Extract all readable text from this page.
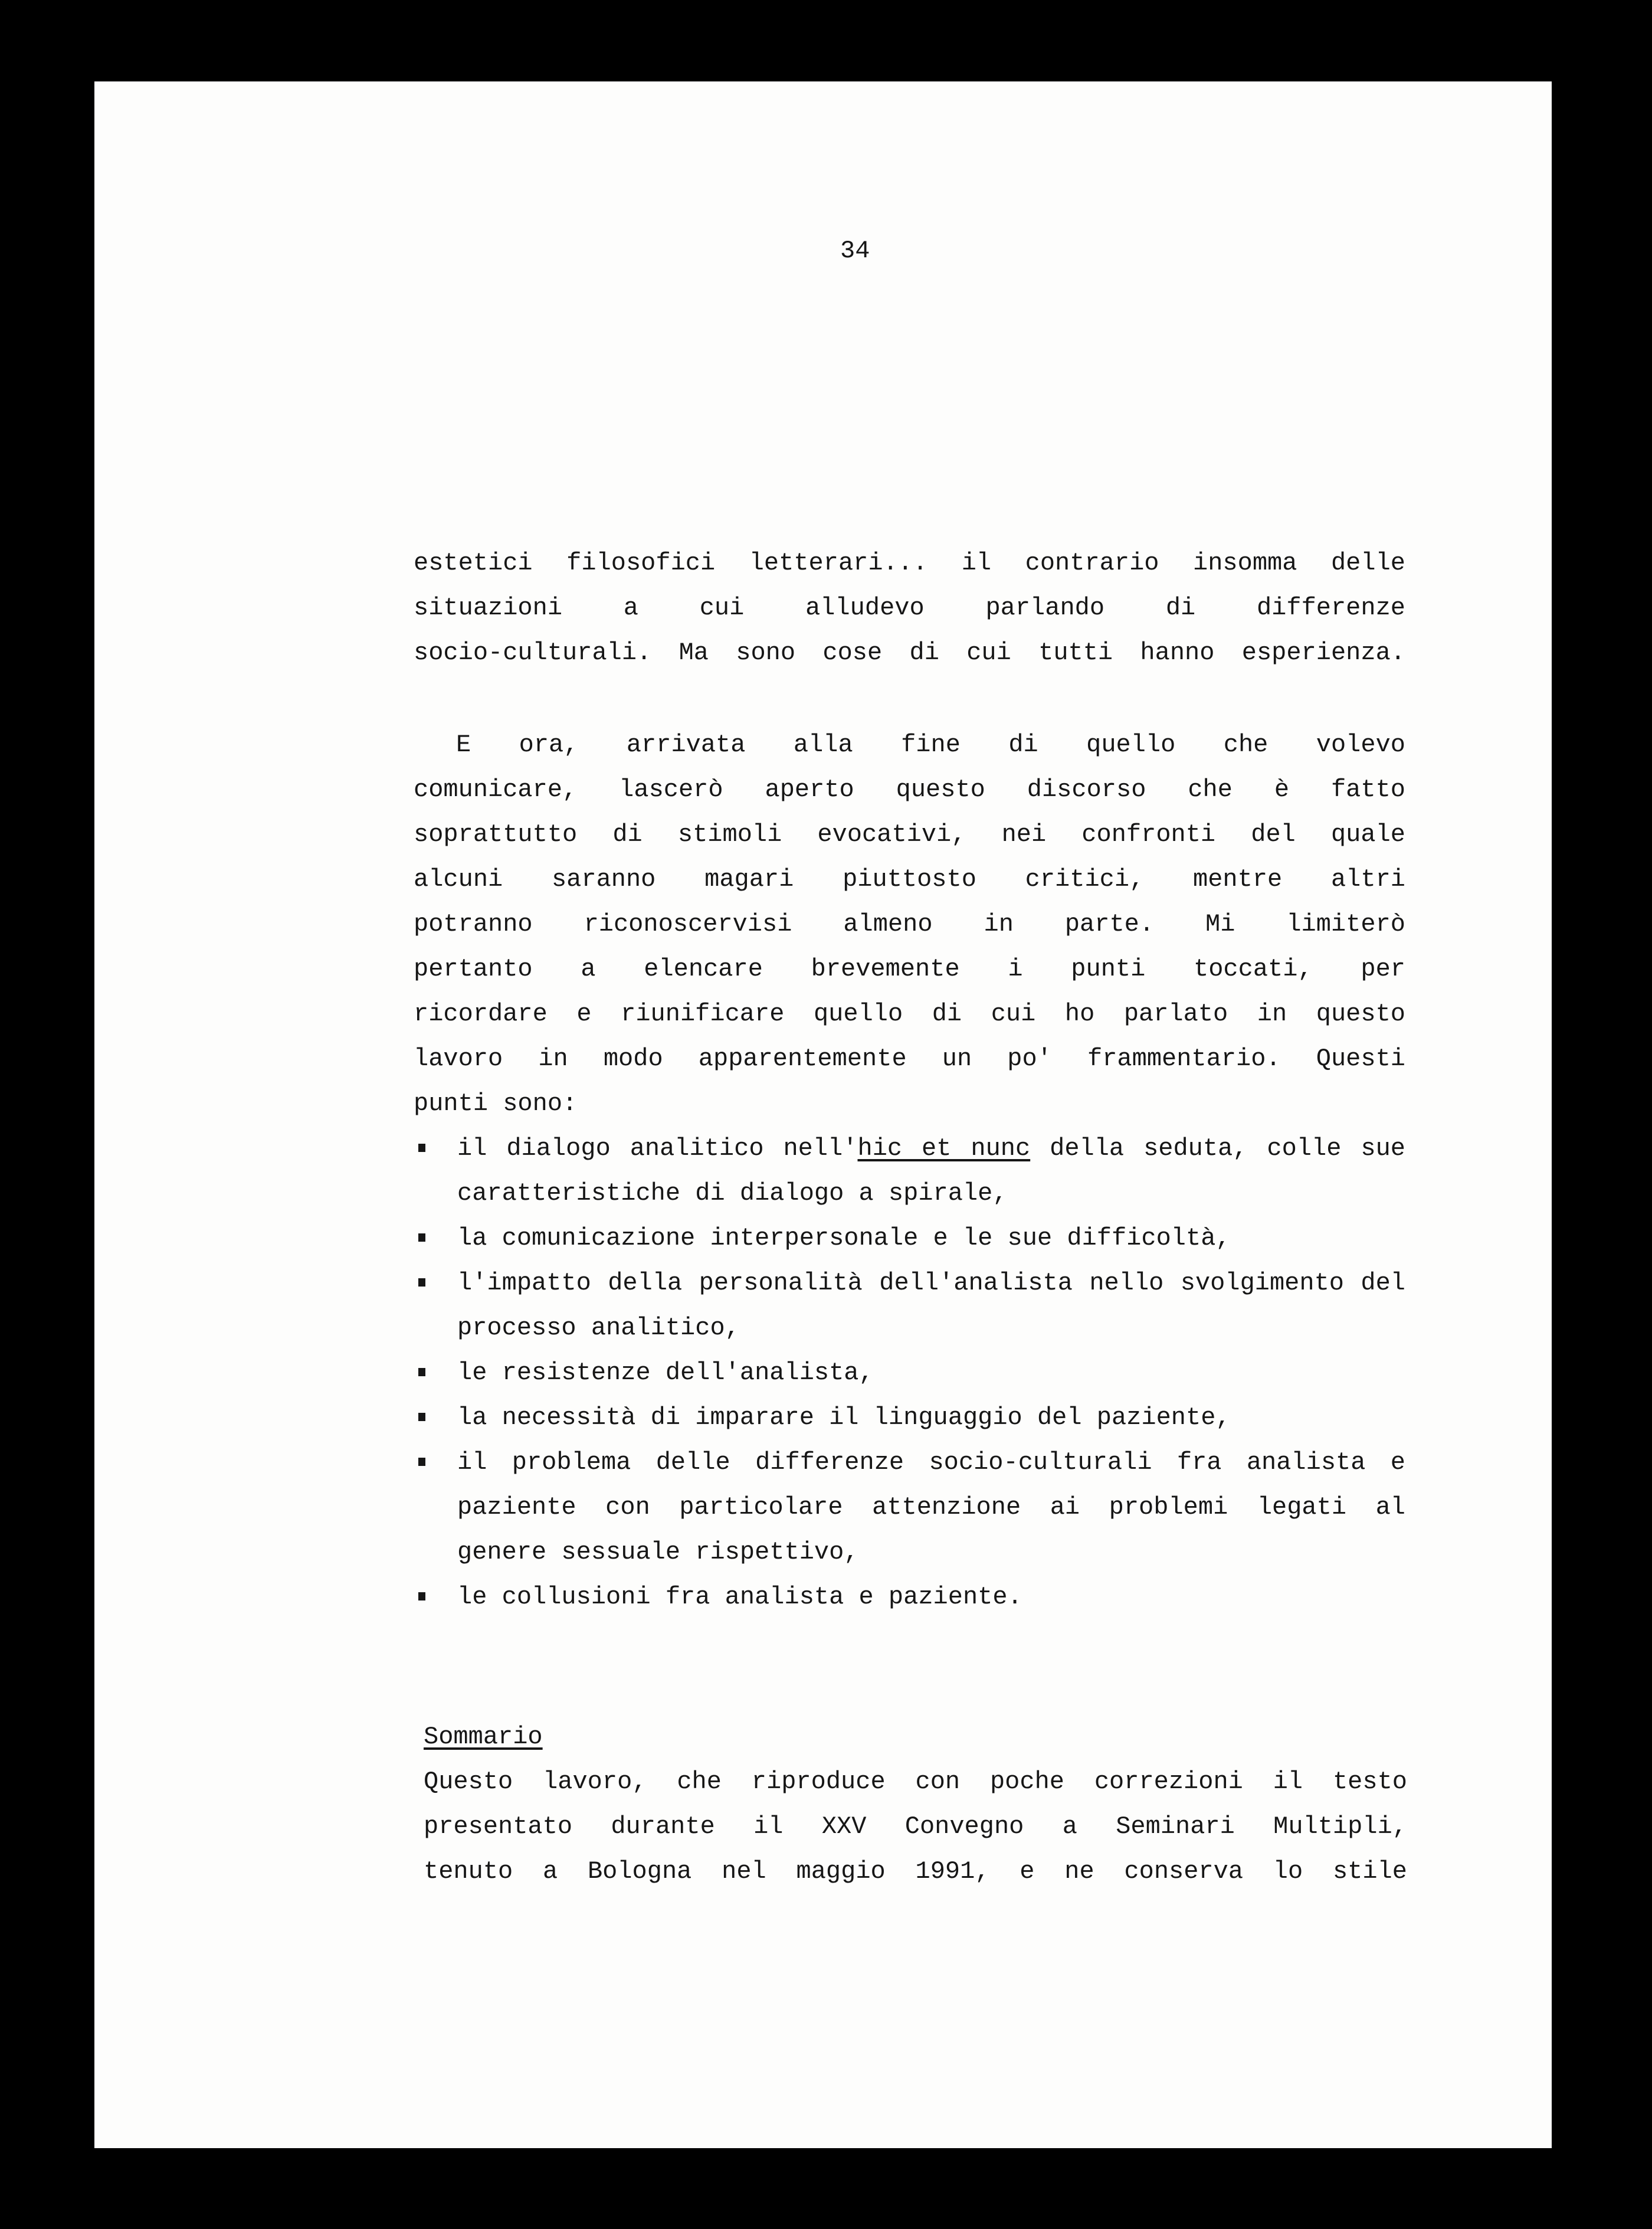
34

estetici filosofici letterari... il contrario insomma delle

situazioni a cui alludevo parlando di differenze

socio-culturali. Ma sono cose di cui tutti hanno esperienza.

E ora, arrivata alla fine di quello che volevo

comunicare, lascerò aperto questo discorso che è fatto

soprattutto di stimoli evocativi, nei confronti del quale

alcuni saranno magari piuttosto critici, mentre altri

potranno riconoscervisi almeno in parte. Mi limiterò

pertanto a elencare brevemente i punti toccati, per

ricordare e riunificare quello di cui ho parlato in questo

lavoro in modo apparentemente un po' frammentario. Questi

punti sono:

il dialogo analitico nell'hic et nunc della seduta, colle sue caratteristiche di dialogo a spirale,
la comunicazione interpersonale e le sue difficoltà,
l'impatto della personalità dell'analista nello svolgimento del processo analitico,
le resistenze dell'analista,
la necessità di imparare il linguaggio del paziente,
il problema delle differenze socio-culturali fra analista e paziente con particolare attenzione ai problemi legati al genere sessuale rispettivo,
le collusioni fra analista e paziente.

Sommario

Questo lavoro, che riproduce con poche correzioni il testo

presentato durante il XXV Convegno a Seminari Multipli,

tenuto a Bologna nel maggio 1991, e ne conserva lo stile
